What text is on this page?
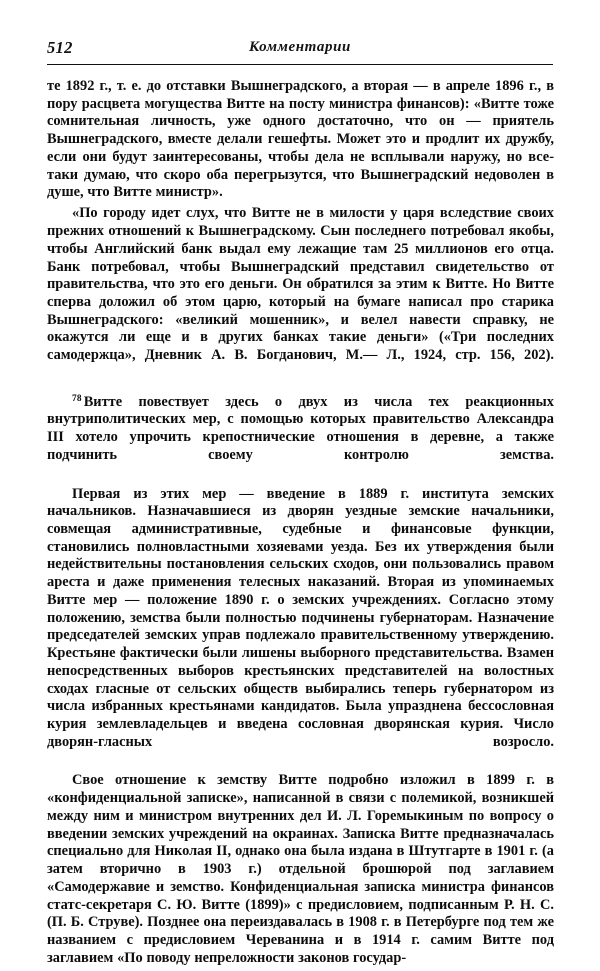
512	Комментарии

те 1892 г., т. е. до отставки Вышнеградского, а вторая — в апреле 1896 г., в пору расцвета могущества Витте на посту министра финансов): «Витте тоже сомнительная личность, уже одного достаточно, что он — приятель Вышнеградского, вместе делали гешефты. Может это и продлит их дружбу, если они будут заинтересованы, чтобы дела не всплывали наружу, но все-таки думаю, что скоро оба перегрызутся, что Вышнеградский недоволен в душе, что Витте министр».

«По городу идет слух, что Витте не в милости у царя вследствие своих прежних отношений к Вышнеградскому. Сын последнего потребовал якобы, чтобы Английский банк выдал ему лежащие там 25 миллионов его отца. Банк потребовал, чтобы Вышнеградский представил свидетельство от правительства, что это его деньги. Он обратился за этим к Витте. Но Витте сперва доложил об этом царю, который на бумаге написал про старика Вышнеградского: «великий мошенник», и велел навести справку, не окажутся ли еще и в других банках такие деньги» («Три последних самодержца», Дневник А. В. Богданович, М.— Л., 1924, стр. 156, 202).

$^{78}$ Витте повествует здесь о двух из числа тех реакционных внутриполитических мер, с помощью которых правительство Александра III хотело упрочить крепостнические отношения в деревне, а также подчинить своему контролю земства.

Первая из этих мер — введение в 1889 г. института земских начальников. Назначавшиеся из дворян уездные земские начальники, совмещая административные, судебные и финансовые функции, становились полновластными хозяевами уезда. Без их утверждения были недействительны постановления сельских сходов, они пользовались правом ареста и даже применения телесных наказаний. Вторая из упоминаемых Витте мер — положение 1890 г. о земских учреждениях. Согласно этому положению, земства были полностью подчинены губернаторам. Назначение председателей земских управ подлежало правительственному утверждению. Крестьяне фактически были лишены выборного представительства. Взамен непосредственных выборов крестьянских представителей на волостных сходах гласные от сельских обществ выбирались теперь губернатором из числа избранных крестьянами кандидатов. Была упразднена бессословная курия землевладельцев и введена сословная дворянская курия. Число дворян-гласных возросло.

Свое отношение к земству Витте подробно изложил в 1899 г. в «конфиденциальной записке», написанной в связи с полемикой, возникшей между ним и министром внутренних дел И. Л. Горемыкиным по вопросу о введении земских учреждений на окраинах. Записка Витте предназначалась специально для Николая II, однако она была издана в Штутгарте в 1901 г. (а затем вторично в 1903 г.) отдельной брошюрой под заглавием «Самодержавие и земство. Конфиденциальная записка министра финансов статс-секретаря С. Ю. Витте (1899)» с предисловием, подписанным Р. Н. С. (П. Б. Струве). Позднее она переиздавалась в 1908 г. в Петербурге под тем же названием с предисловием Череванина и в 1914 г. самим Витте под заглавием «По поводу непреложности законов государ-
